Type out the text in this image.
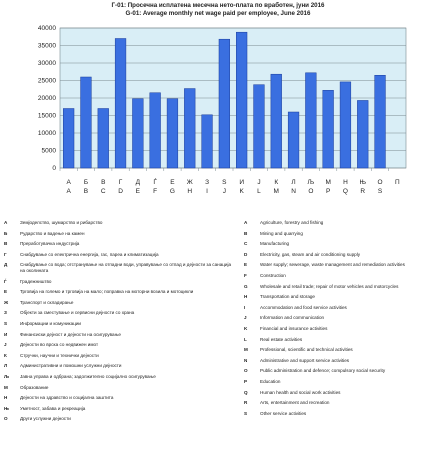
Г-01: Просечна исплатена месечна нето-плата по вработен, јуни 2016
G-01: Average monthly net wage paid per employee, June 2016
0
5000
10000
15000
20000
25000
30000
35000
40000
А
A
Б
B
В
C
Г
D
Д
E
Ѓ
F
Е
G
Ж
H
З
I
Ѕ
J
И
K
Ј
L
К
M
Л
N
Љ
O
М
P
Н
Q
Њ
R
О
S
П
А	Земјоделство, шумарство и рибарство
Б	Рударство и вадење на камен
В	Преработувачка индустрија
Г	Снабдување со електрична енергија, гас, пареа и климатизација
Д	Снабдување со вода; отстранување на отпадни води, управување со отпад и дејности за санација на околината
Ѓ	Градежништво
Е	Трговија на големо и трговија на мало; поправка на моторни возила и мотоцикли
Ж	Транспорт и складирање
З	Објекти за сместување и сервисни дејности со храна
Ѕ	Информации и комуникации
И	Финансиски дејност и дејности на осигурување
Ј	Дејности во врска со недвижен имот
К	Стручни, научни и технички дејности
Л	Административни и помошни услужни дејности
Љ	Јавна управа и одбрана; задолжително социјално осигурување
М	Образование
Н	Дејности на здравство и социјална заштита
Њ	Уметност, забава и рекреација
О	Други услужни дејности
A	Agriculture, forestry and fishing
B	Mining and quarrying
C	Manufacturing
D	Electricity, gas, steam and air conditioning supply
E	Water supply; sewerage, waste management and remediation activities
F	Construction
G	Wholesale and retail trade; repair of motor vehicles and motorcycles
H	Transportation and storage
I	Accommodation and food service activities
J	Information and communication
K	Financial and insurance activities
L	Real estate activities
M	Professional, scientific and technical activities
N	Administrative and support service activities
O	Public administration and defence; compulsory social security
P	Education
Q	Human health and social work activities
R	Arts, entertainment and recreation
S	Other service activities
